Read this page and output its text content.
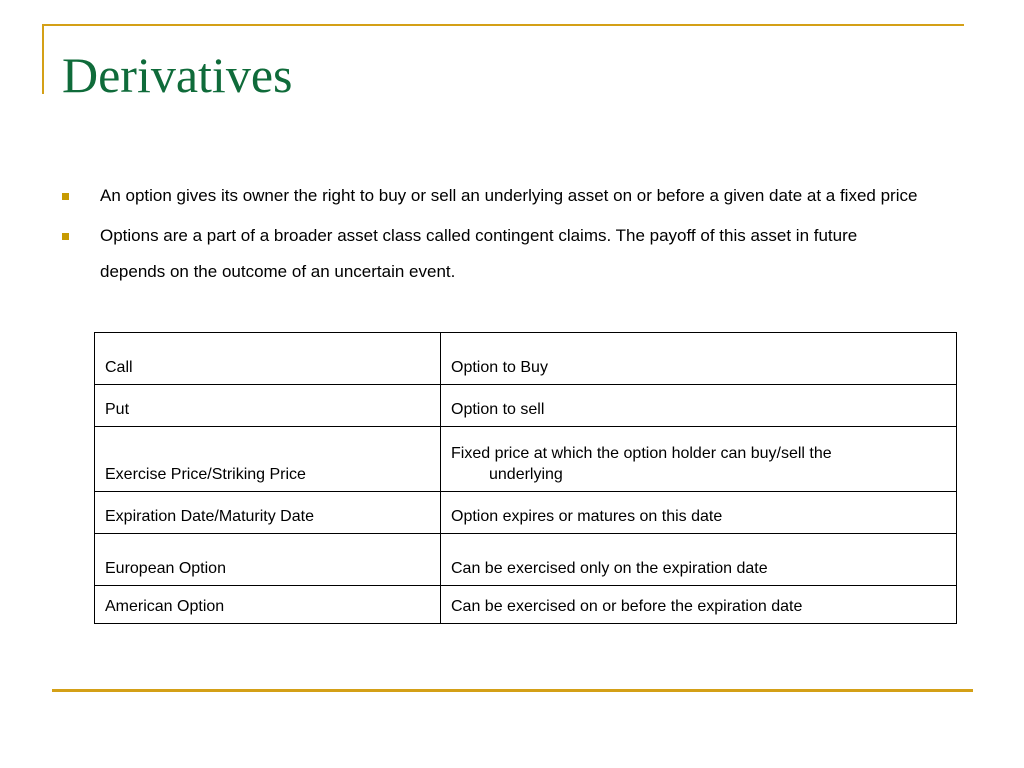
Derivatives
An option gives its owner the right to buy or sell an underlying asset on or before a given date at a fixed price
Options are a part of a broader asset class called contingent claims. The payoff of this asset in future depends on the outcome of an uncertain event.
Call	Option to Buy
Put	Option to sell
Exercise Price/Striking Price	Fixed price at which the option holder can buy/sell the
underlying

Expiration Date/Maturity Date	Option expires or matures on this date
European Option	Can be exercised only on the expiration date
American Option	Can be exercised on or before the expiration date
